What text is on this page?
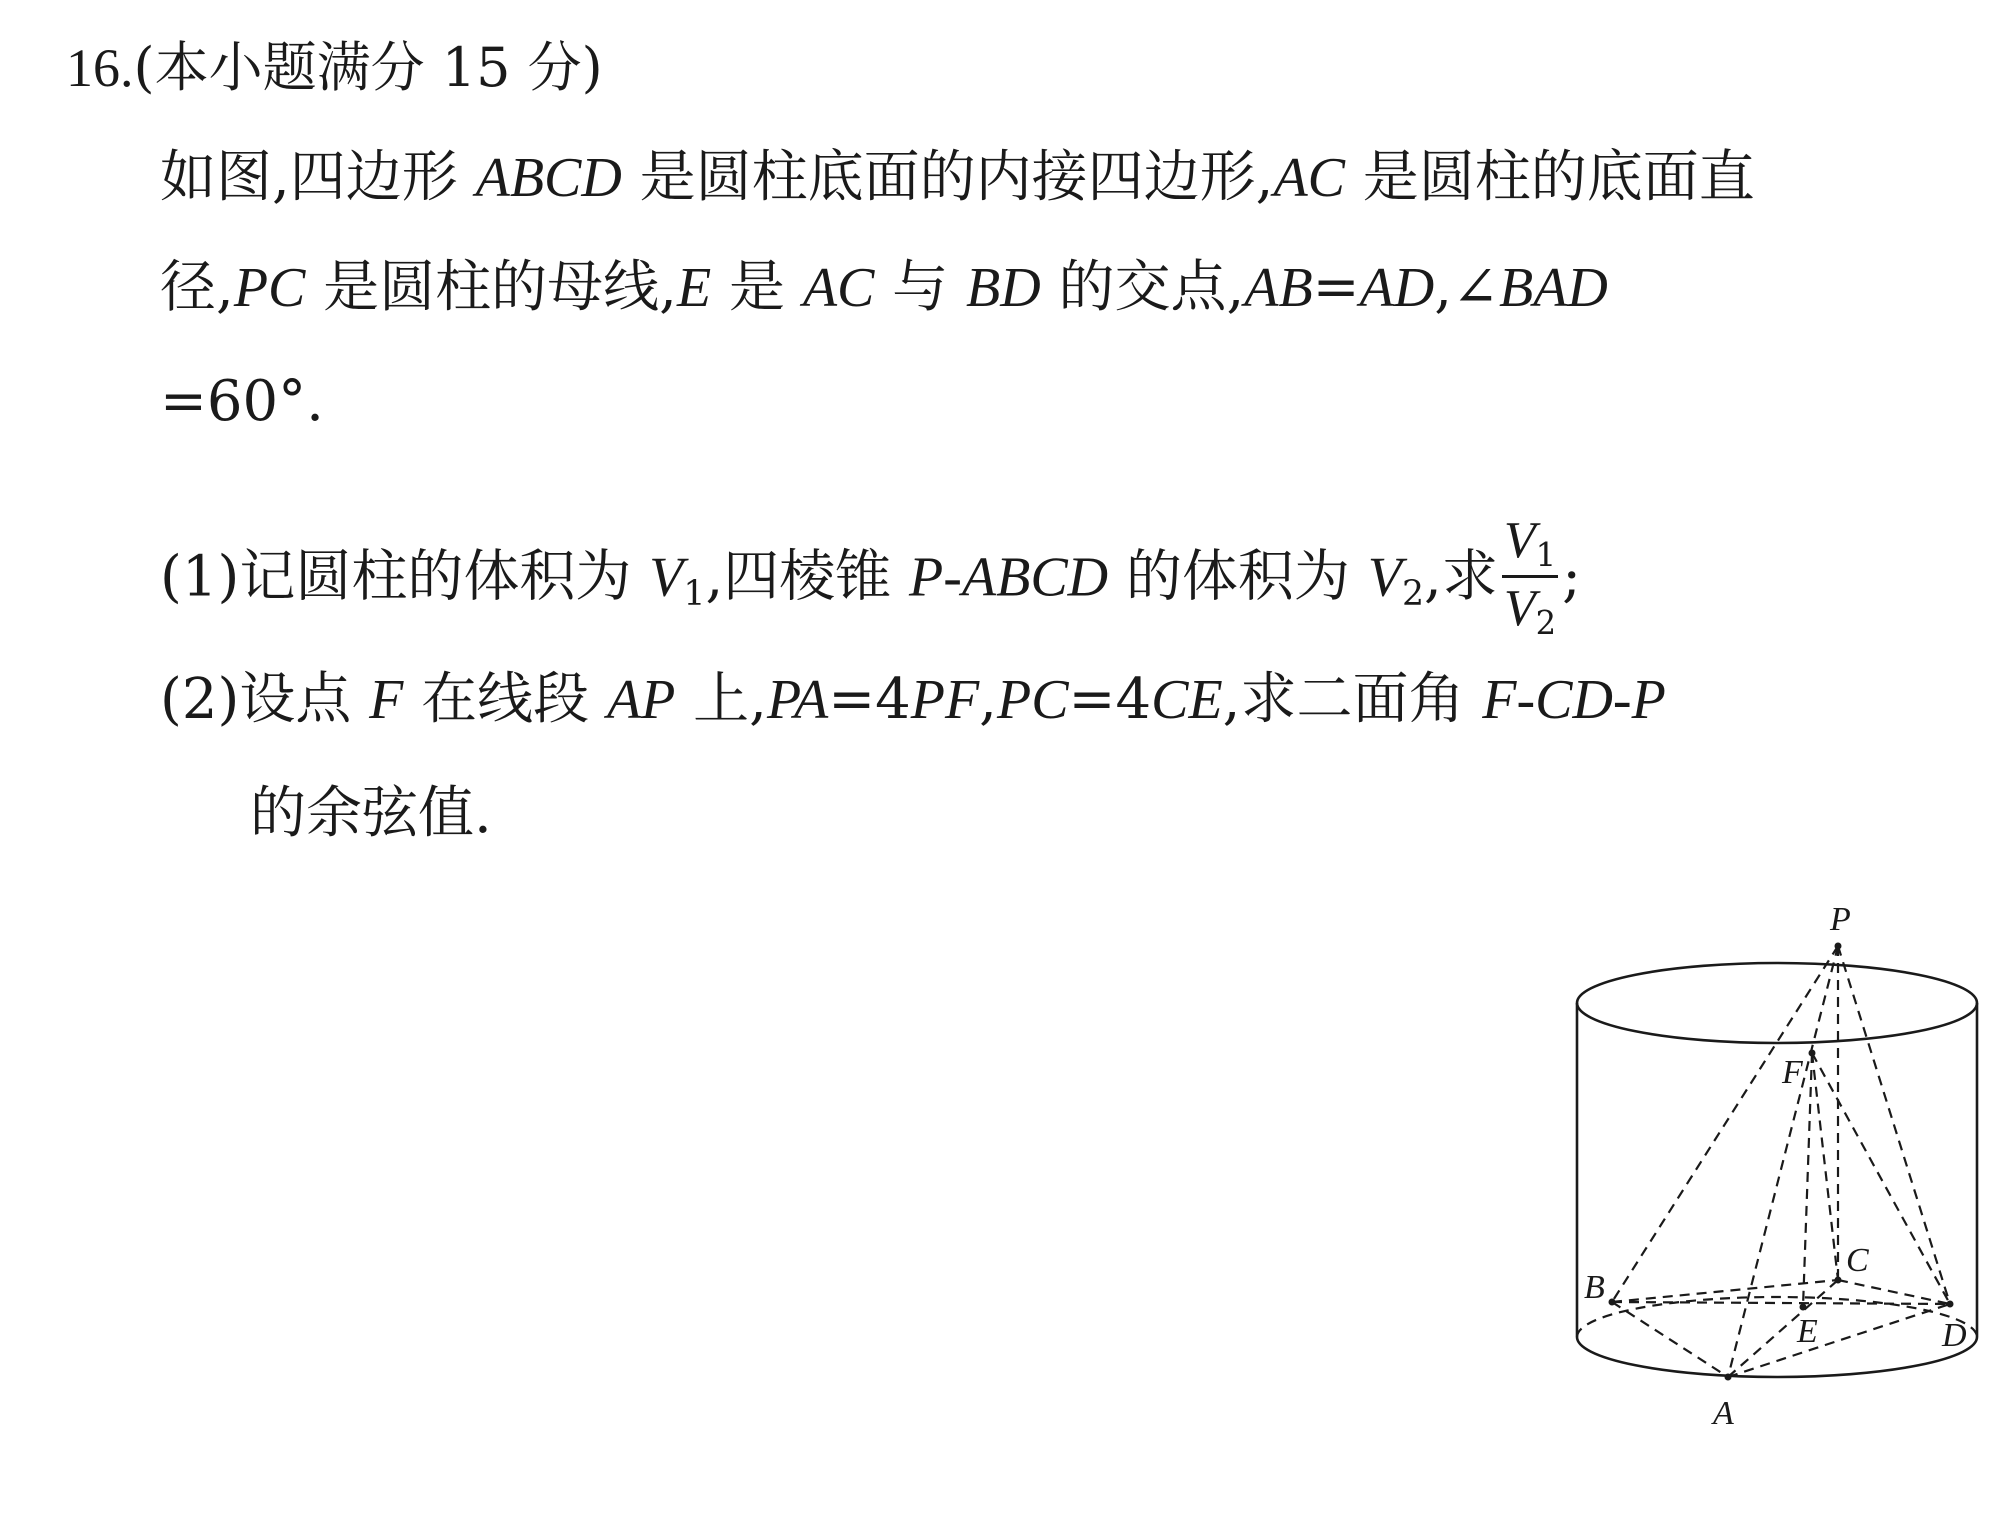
16.(本小题满分 15 分)
如图,四边形 ABCD 是圆柱底面的内接四边形,AC 是圆柱的底面直
径,PC 是圆柱的母线,E 是 AC 与 BD 的交点,AB=AD,∠BAD
=60°.
(1)记圆柱的体积为 $V_1$,四棱锥 P-ABCD 的体积为 $V_2$,求 $\frac{V_1}{V_2}$ ;
(2)设点 F 在线段 AP 上,PA=4PF,PC=4CE,求二面角 F-CD-P
的余弦值.
P
F
C
B
E	D
A
